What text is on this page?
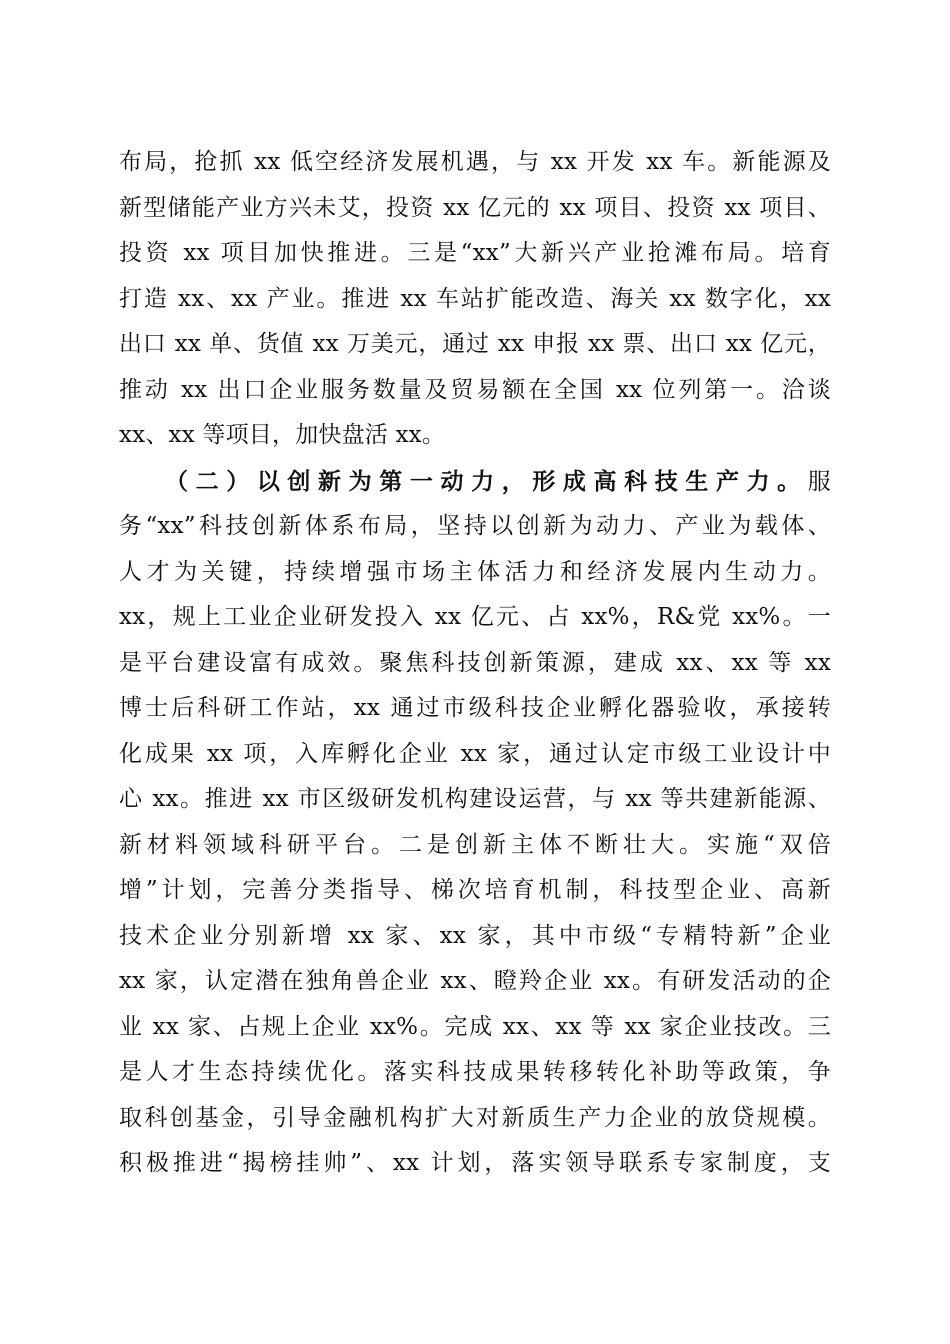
布局，抢抓 xx 低空经济发展机遇，与 xx 开发 xx 车。新能源及
新型储能产业方兴未艾，投资 xx 亿元的 xx 项目、投资 xx 项目、
投资 xx 项目加快推进。三是“xx”大新兴产业抢滩布局。培育
打造 xx、xx 产业。推进 xx 车站扩能改造、海关 xx 数字化，xx
出口 xx 单、货值 xx 万美元，通过 xx 申报 xx 票、出口 xx 亿元，
推动 xx 出口企业服务数量及贸易额在全国 xx 位列第一。洽谈
xx、xx 等项目，加快盘活 xx。
（二）以创新为第一动力，形成高科技生产力。服
务“xx”科技创新体系布局，坚持以创新为动力、产业为载体、
人才为关键，持续增强市场主体活力和经济发展内生动力。
xx，规上工业企业研发投入 xx 亿元、占 xx%，R&党 xx%。一
是平台建设富有成效。聚焦科技创新策源，建成 xx、xx 等 xx
博士后科研工作站，xx 通过市级科技企业孵化器验收，承接转
化成果 xx 项，入库孵化企业 xx 家，通过认定市级工业设计中
心 xx。推进 xx 市区级研发机构建设运营，与 xx 等共建新能源、
新材料领域科研平台。二是创新主体不断壮大。实施“双倍
增”计划，完善分类指导、梯次培育机制，科技型企业、高新
技术企业分别新增 xx 家、xx 家，其中市级“专精特新”企业
xx 家，认定潜在独角兽企业 xx、瞪羚企业 xx。有研发活动的企
业 xx 家、占规上企业 xx%。完成 xx、xx 等 xx 家企业技改。三
是人才生态持续优化。落实科技成果转移转化补助等政策，争
取科创基金，引导金融机构扩大对新质生产力企业的放贷规模。
积极推进“揭榜挂帅”、xx 计划，落实领导联系专家制度，支
